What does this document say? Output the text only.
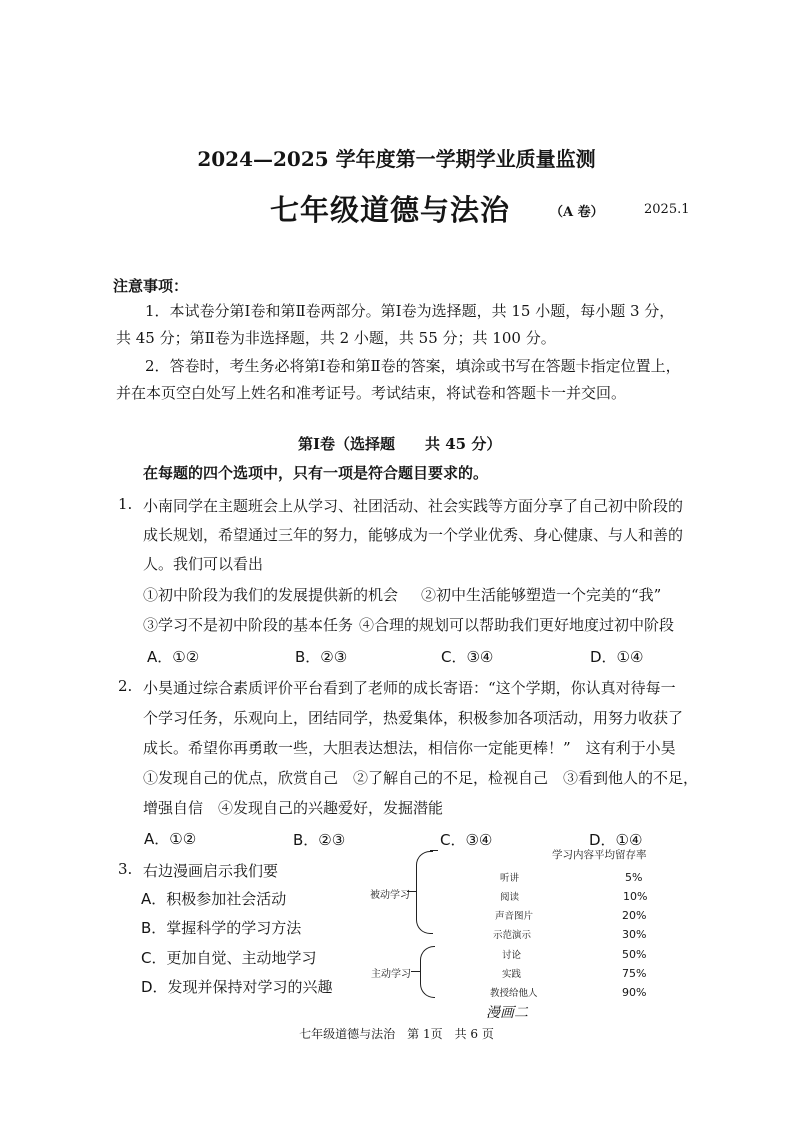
2024—2025 学年度第一学期学业质量监测
七年级道德与法治	（A 卷）	2025.1
注意事项：
1．本试卷分第Ⅰ卷和第Ⅱ卷两部分。第Ⅰ卷为选择题，共 15 小题，每小题 3 分，
共 45 分；第Ⅱ卷为非选择题，共 2 小题，共 55 分；共 100 分。
2．答卷时，考生务必将第Ⅰ卷和第Ⅱ卷的答案，填涂或书写在答题卡指定位置上，
并在本页空白处写上姓名和准考证号。考试结束，将试卷和答题卡一并交回。
第Ⅰ卷（选择题　　共 45 分）
在每题的四个选项中，只有一项是符合题目要求的。
1. 小南同学在主题班会上从学习、社团活动、社会实践等方面分享了自己初中阶段的
成长规划，希望通过三年的努力，能够成为一个学业优秀、身心健康、与人和善的
人。我们可以看出
①初中阶段为我们的发展提供新的机会 ②初中生活能够塑造一个完美的“我”
③学习不是初中阶段的基本任务 ④合理的规划可以帮助我们更好地度过初中阶段
A．①②	B．②③	C．③④	D．①④
2. 小昊通过综合素质评价平台看到了老师的成长寄语：“这个学期，你认真对待每一
个学习任务，乐观向上，团结同学，热爱集体，积极参加各项活动，用努力收获了
成长。希望你再勇敢一些，大胆表达想法，相信你一定能更棒！”　这有利于小昊
①发现自己的优点，欣赏自己　②了解自己的不足，检视自己　③看到他人的不足，
增强自信　④发现自己的兴趣爱好，发掘潜能
A．①②	B．②③	C．③④	D．①④
3. 右边漫画启示我们要
A．积极参加社会活动
B．掌握科学的学习方法
C．更加自觉、主动地学习
D．发现并保持对学习的兴趣
学习内容平均留存率
被动学习
主动学习
听讲	5%
阅读	10%
声音图片	20%
示范演示	30%
讨论	50%
实践	75%
教授给他人	90%
漫画二
七年级道德与法治　第 1页　共 6 页
